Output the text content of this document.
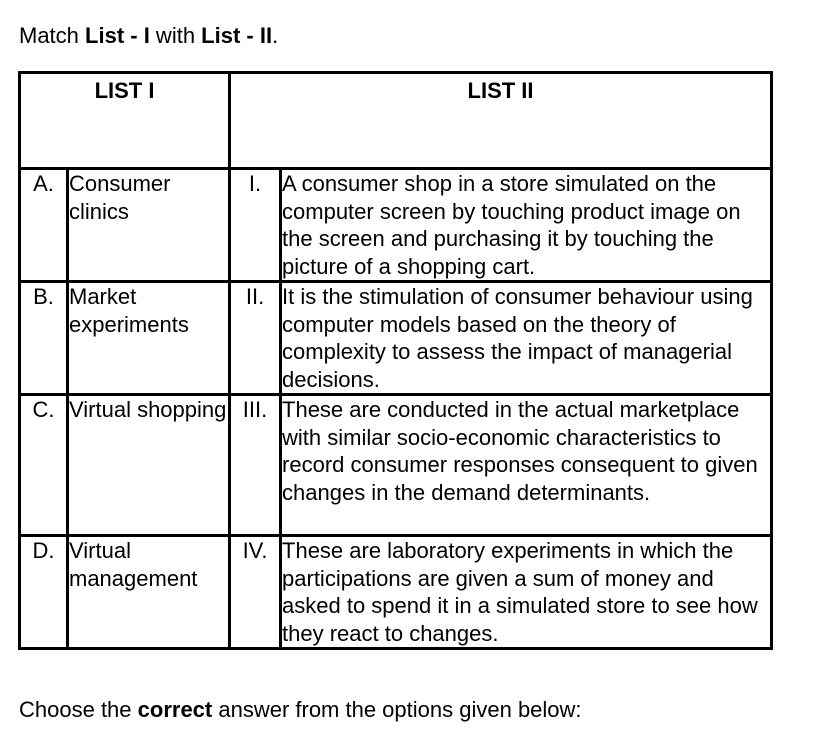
Match List - I with List - II.
LIST I		LIST II	
A.	Consumer clinics	I.	A consumer shop in a store simulated on the computer screen by touching product image on the screen and purchasing it by touching the picture of a shopping cart.
B.	Market experiments	II.	It is the stimulation of consumer behaviour using computer models based on the theory of complexity to assess the impact of managerial decisions.
C.	Virtual shopping	III.	These are conducted in the actual marketplace with similar socio-economic characteristics to record consumer responses consequent to given changes in the demand determinants.
D.	Virtual management	IV.	These are laboratory experiments in which the participations are given a sum of money and asked to spend it in a simulated store to see how they react to changes.
Choose the correct answer from the options given below:
